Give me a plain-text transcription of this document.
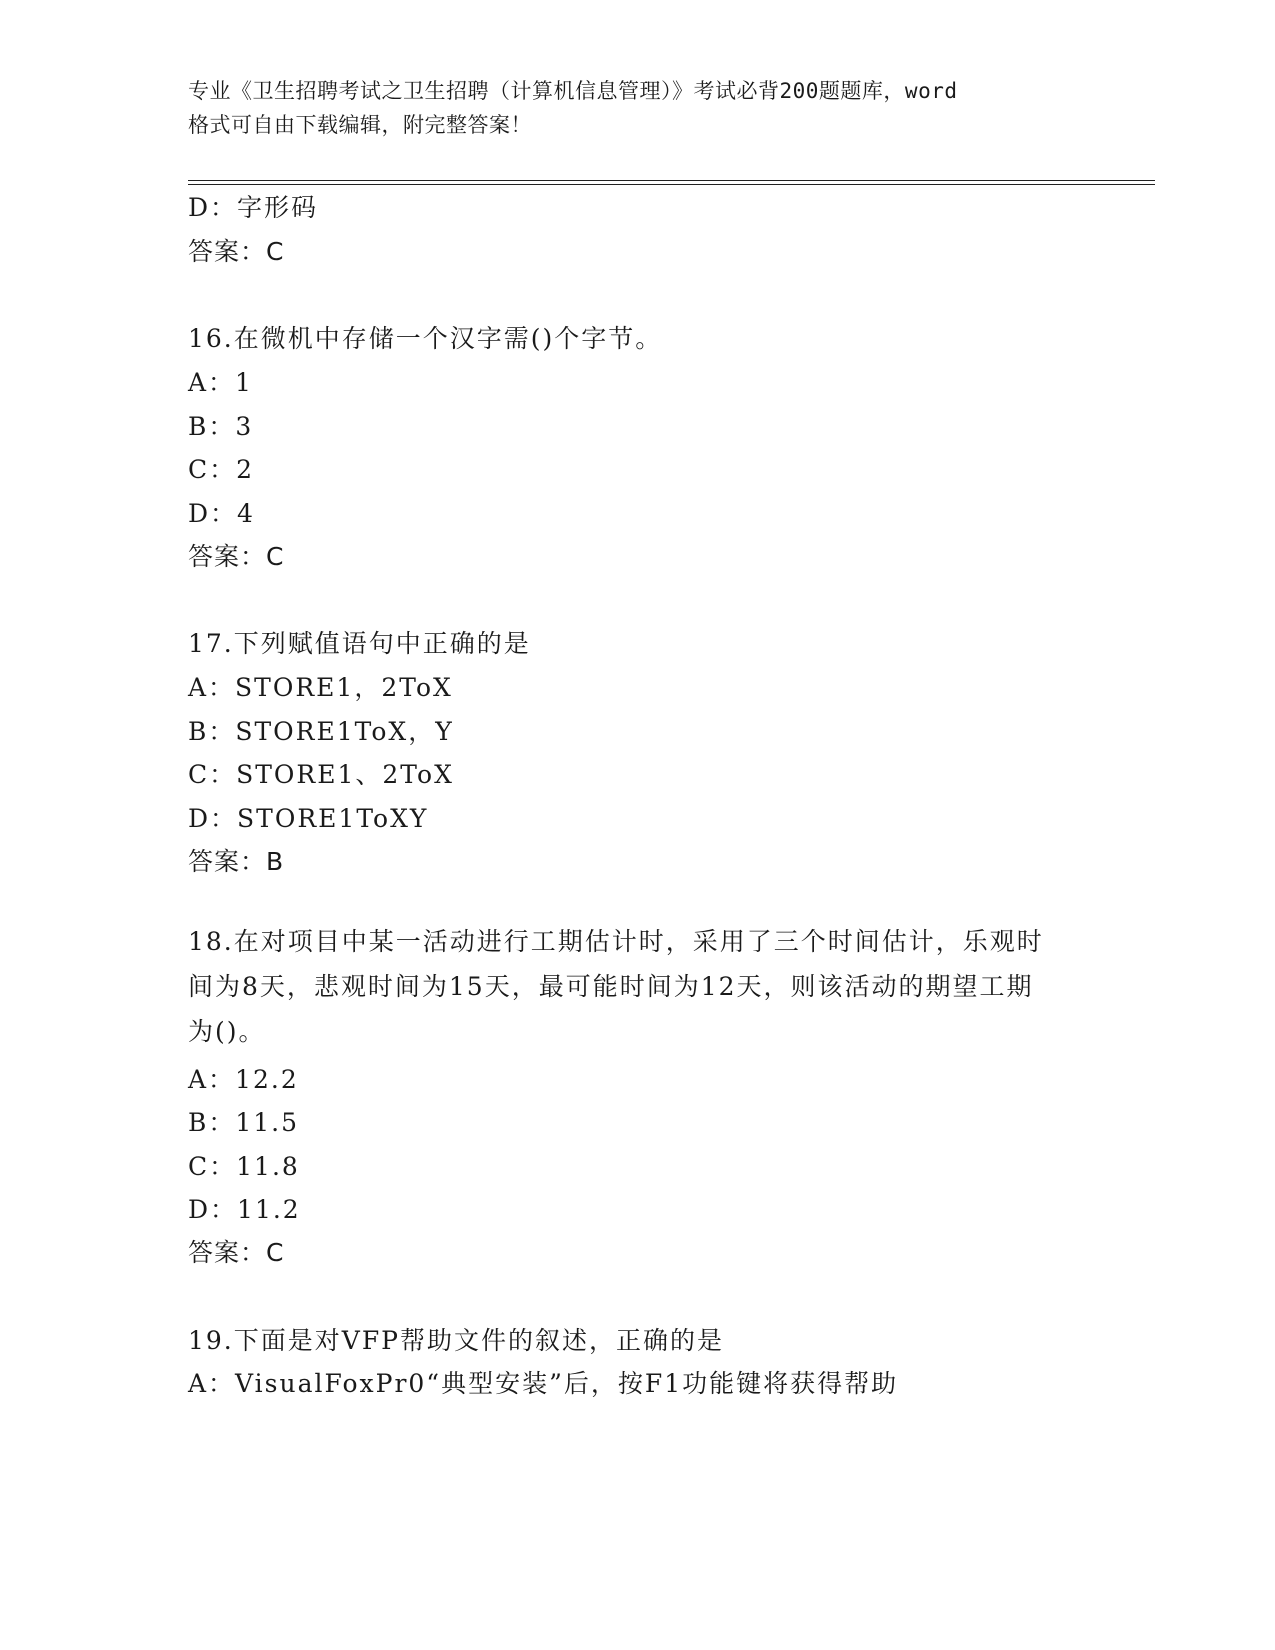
专业《卫生招聘考试之卫生招聘（计算机信息管理）》考试必背200题题库，word
格式可自由下载编辑，附完整答案！
D：字形码
答案：C
16.在微机中存储一个汉字需()个字节。
A：1
B：3
C：2
D：4
答案：C
17.下列赋值语句中正确的是
A：STORE1，2ToX
B：STORE1ToX，Y
C：STORE1、2ToX
D：STORE1ToXY
答案：B
18.在对项目中某一活动进行工期估计时，采用了三个时间估计，乐观时间为8天，悲观时间为15天，最可能时间为12天，则该活动的期望工期为()。
A：12.2
B：11.5
C：11.8
D：11.2
答案：C
19.下面是对VFP帮助文件的叙述，正确的是
A：VisualFoxPr0“典型安装”后，按F1功能键将获得帮助
